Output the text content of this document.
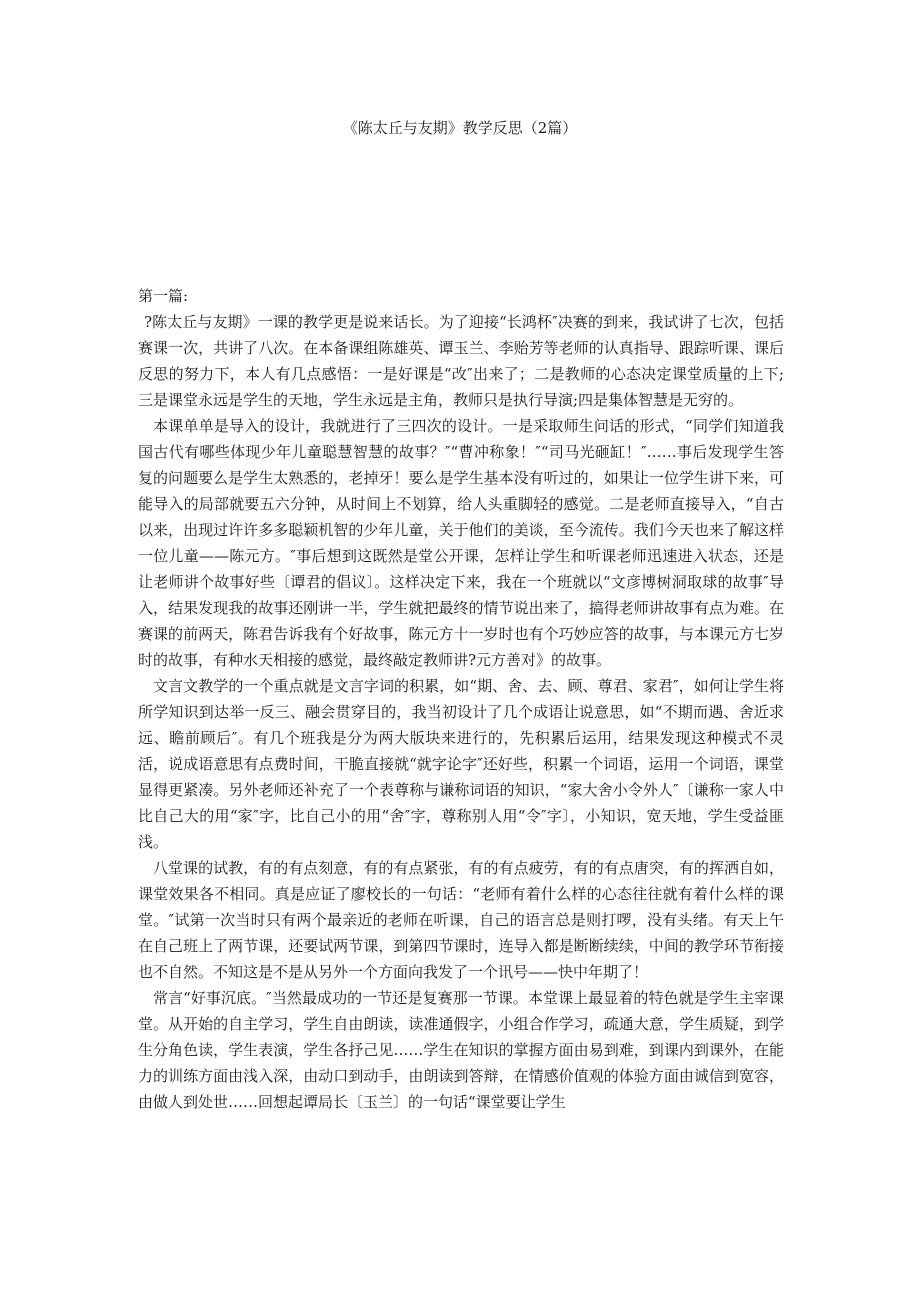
《陈太丘与友期》教学反思（2篇）

第一篇:

?陈太丘与友期》一课的教学更是说来话长。为了迎接“长鸿杯″决赛的到来，我试讲了七次，包括赛课一次，共讲了八次。在本备课组陈雄英、谭玉兰、李贻芳等老师的认真指导、跟踪听课、课后反思的努力下，本人有几点感悟：一是好课是“改″出来了；二是教师的心态决定课堂质量的上下;三是课堂永远是学生的天地，学生永远是主角，教师只是执行导演;四是集体智慧是无穷的。

本课单单是导入的设计，我就进行了三四次的设计。一是采取师生问话的形式，“同学们知道我国古代有哪些体现少年儿童聪慧智慧的故事？″“曹冲称象！″“司马光砸缸！″……事后发现学生答复的问题要么是学生太熟悉的，老掉牙！要么是学生基本没有听过的，如果让一位学生讲下来，可能导入的局部就要五六分钟，从时间上不划算，给人头重脚轻的感觉。二是老师直接导入，“自古以来，出现过许许多多聪颖机智的少年儿童，关于他们的美谈，至今流传。我们今天也来了解这样一位儿童——陈元方。″事后想到这既然是堂公开课，怎样让学生和听课老师迅速进入状态，还是让老师讲个故事好些〔谭君的倡议〕。这样决定下来，我在一个班就以“文彦博树洞取球的故事″导入，结果发现我的故事还刚讲一半，学生就把最终的情节说出来了，搞得老师讲故事有点为难。在赛课的前两天，陈君告诉我有个好故事，陈元方十一岁时也有个巧妙应答的故事，与本课元方七岁时的故事，有种水天相接的感觉，最终敲定教师讲?元方善对》的故事。

文言文教学的一个重点就是文言字词的积累，如“期、舍、去、顾、尊君、家君″，如何让学生将所学知识到达举一反三、融会贯穿目的，我当初设计了几个成语让说意思，如“不期而遇、舍近求远、瞻前顾后″。有几个班我是分为两大版块来进行的，先积累后运用，结果发现这种模式不灵活，说成语意思有点费时间，干脆直接就“就字论字″还好些，积累一个词语，运用一个词语，课堂显得更紧凑。另外老师还补充了一个表尊称与谦称词语的知识，“家大舍小令外人″〔谦称一家人中比自己大的用“家″字，比自己小的用“舍″字，尊称别人用“令″字〕，小知识，宽天地，学生受益匪浅。

八堂课的试教，有的有点刻意，有的有点紧张，有的有点疲劳，有的有点唐突，有的挥洒自如，课堂效果各不相同。真是应证了廖校长的一句话：“老师有着什么样的心态往往就有着什么样的课堂。″试第一次当时只有两个最亲近的老师在听课，自己的语言总是则打啰，没有头绪。有天上午在自己班上了两节课，还要试两节课，到第四节课时，连导入都是断断续续，中间的教学环节衔接也不自然。不知这是不是从另外一个方面向我发了一个讯号——快中年期了！

常言“好事沉底。″当然最成功的一节还是复赛那一节课。本堂课上最显着的特色就是学生主宰课堂。从开始的自主学习，学生自由朗读，读准通假字，小组合作学习，疏通大意，学生质疑，到学生分角色读，学生表演，学生各抒己见……学生在知识的掌握方面由易到难，到课内到课外，在能力的训练方面由浅入深，由动口到动手，由朗读到答辩，在情感价值观的体验方面由诚信到宽容，由做人到处世……回想起谭局长〔玉兰〕的一句话“课堂要让学生
